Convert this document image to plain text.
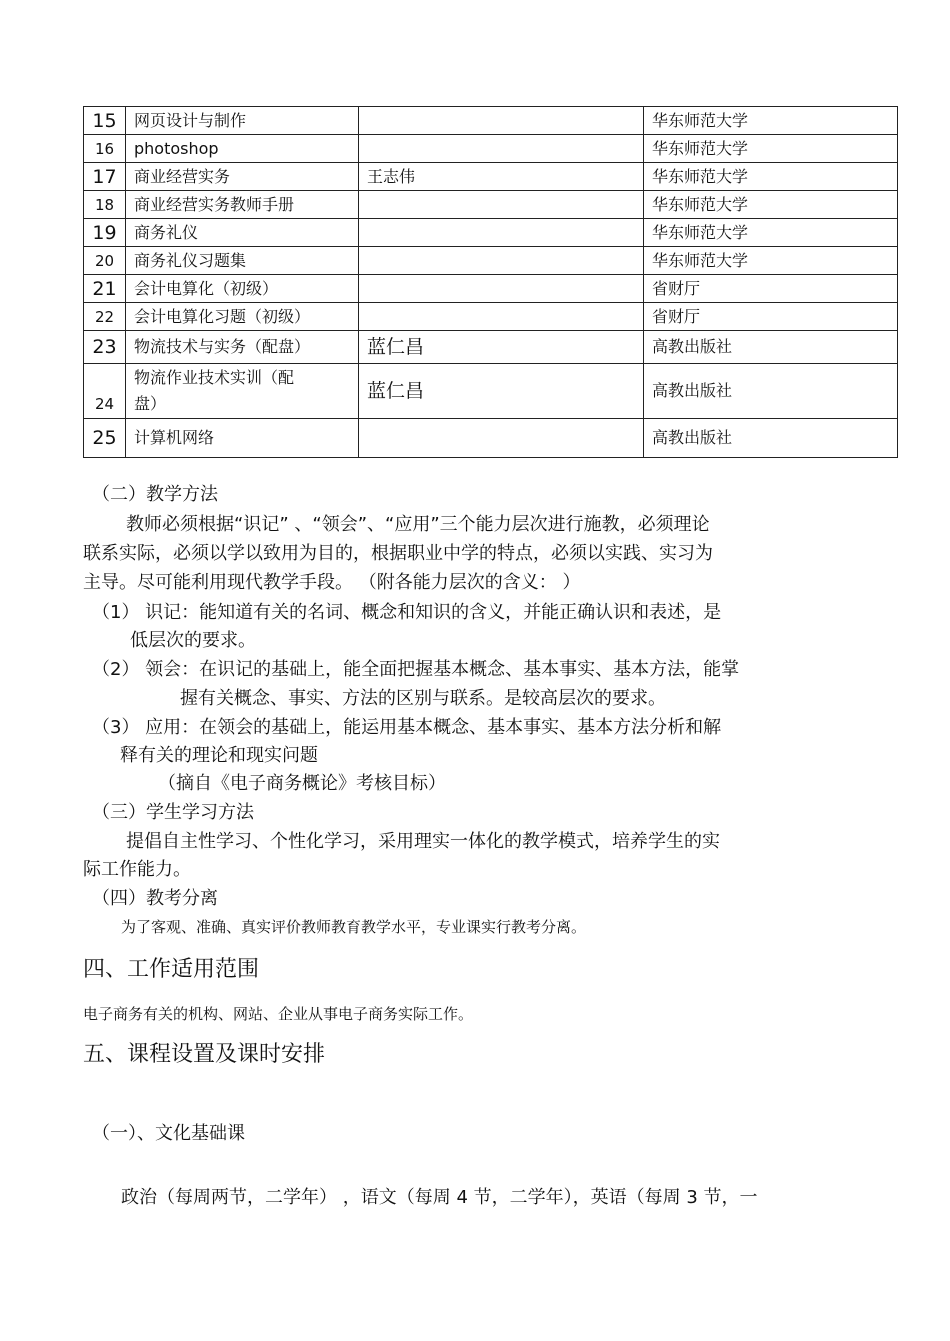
15	网页设计与制作		华东师范大学
16	photoshop		华东师范大学
17	商业经营实务	王志伟	华东师范大学
18	商业经营实务教师手册		华东师范大学
19	商务礼仪		华东师范大学
20	商务礼仪习题集		华东师范大学
21	会计电算化（初级）		省财厅
22	会计电算化习题（初级）		省财厅
23	物流技术与实务（配盘）	蓝仁昌	高教出版社
24	物流作业技术实训（配
盘）	蓝仁昌	高教出版社
25	计算机网络		高教出版社
（二）教学方法
教师必须根据“识记” 、“领会”、“应用”三个能力层次进行施教，必须理论
联系实际，必须以学以致用为目的，根据职业中学的特点，必须以实践、实习为
主导。尽可能利用现代教学手段。 （附各能力层次的含义： ）
（1） 识记：能知道有关的名词、概念和知识的含义，并能正确认识和表述，是
低层次的要求。
（2） 领会：在识记的基础上，能全面把握基本概念、基本事实、基本方法，能掌
握有关概念、事实、方法的区别与联系。是较高层次的要求。
（3） 应用：在领会的基础上，能运用基本概念、基本事实、基本方法分析和解
释有关的理论和现实问题
（摘自《电子商务概论》考核目标）
（三）学生学习方法
提倡自主性学习、个性化学习，采用理实一体化的教学模式，培养学生的实
际工作能力。
（四）教考分离
为了客观、准确、真实评价教师教育教学水平，专业课实行教考分离。
四、工作适用范围
电子商务有关的机构、网站、企业从事电子商务实际工作。
五、课程设置及课时安排
（一）、文化基础课
政治（每周两节，二学年） ，语文（每周 4 节，二学年），英语（每周 3 节，一
